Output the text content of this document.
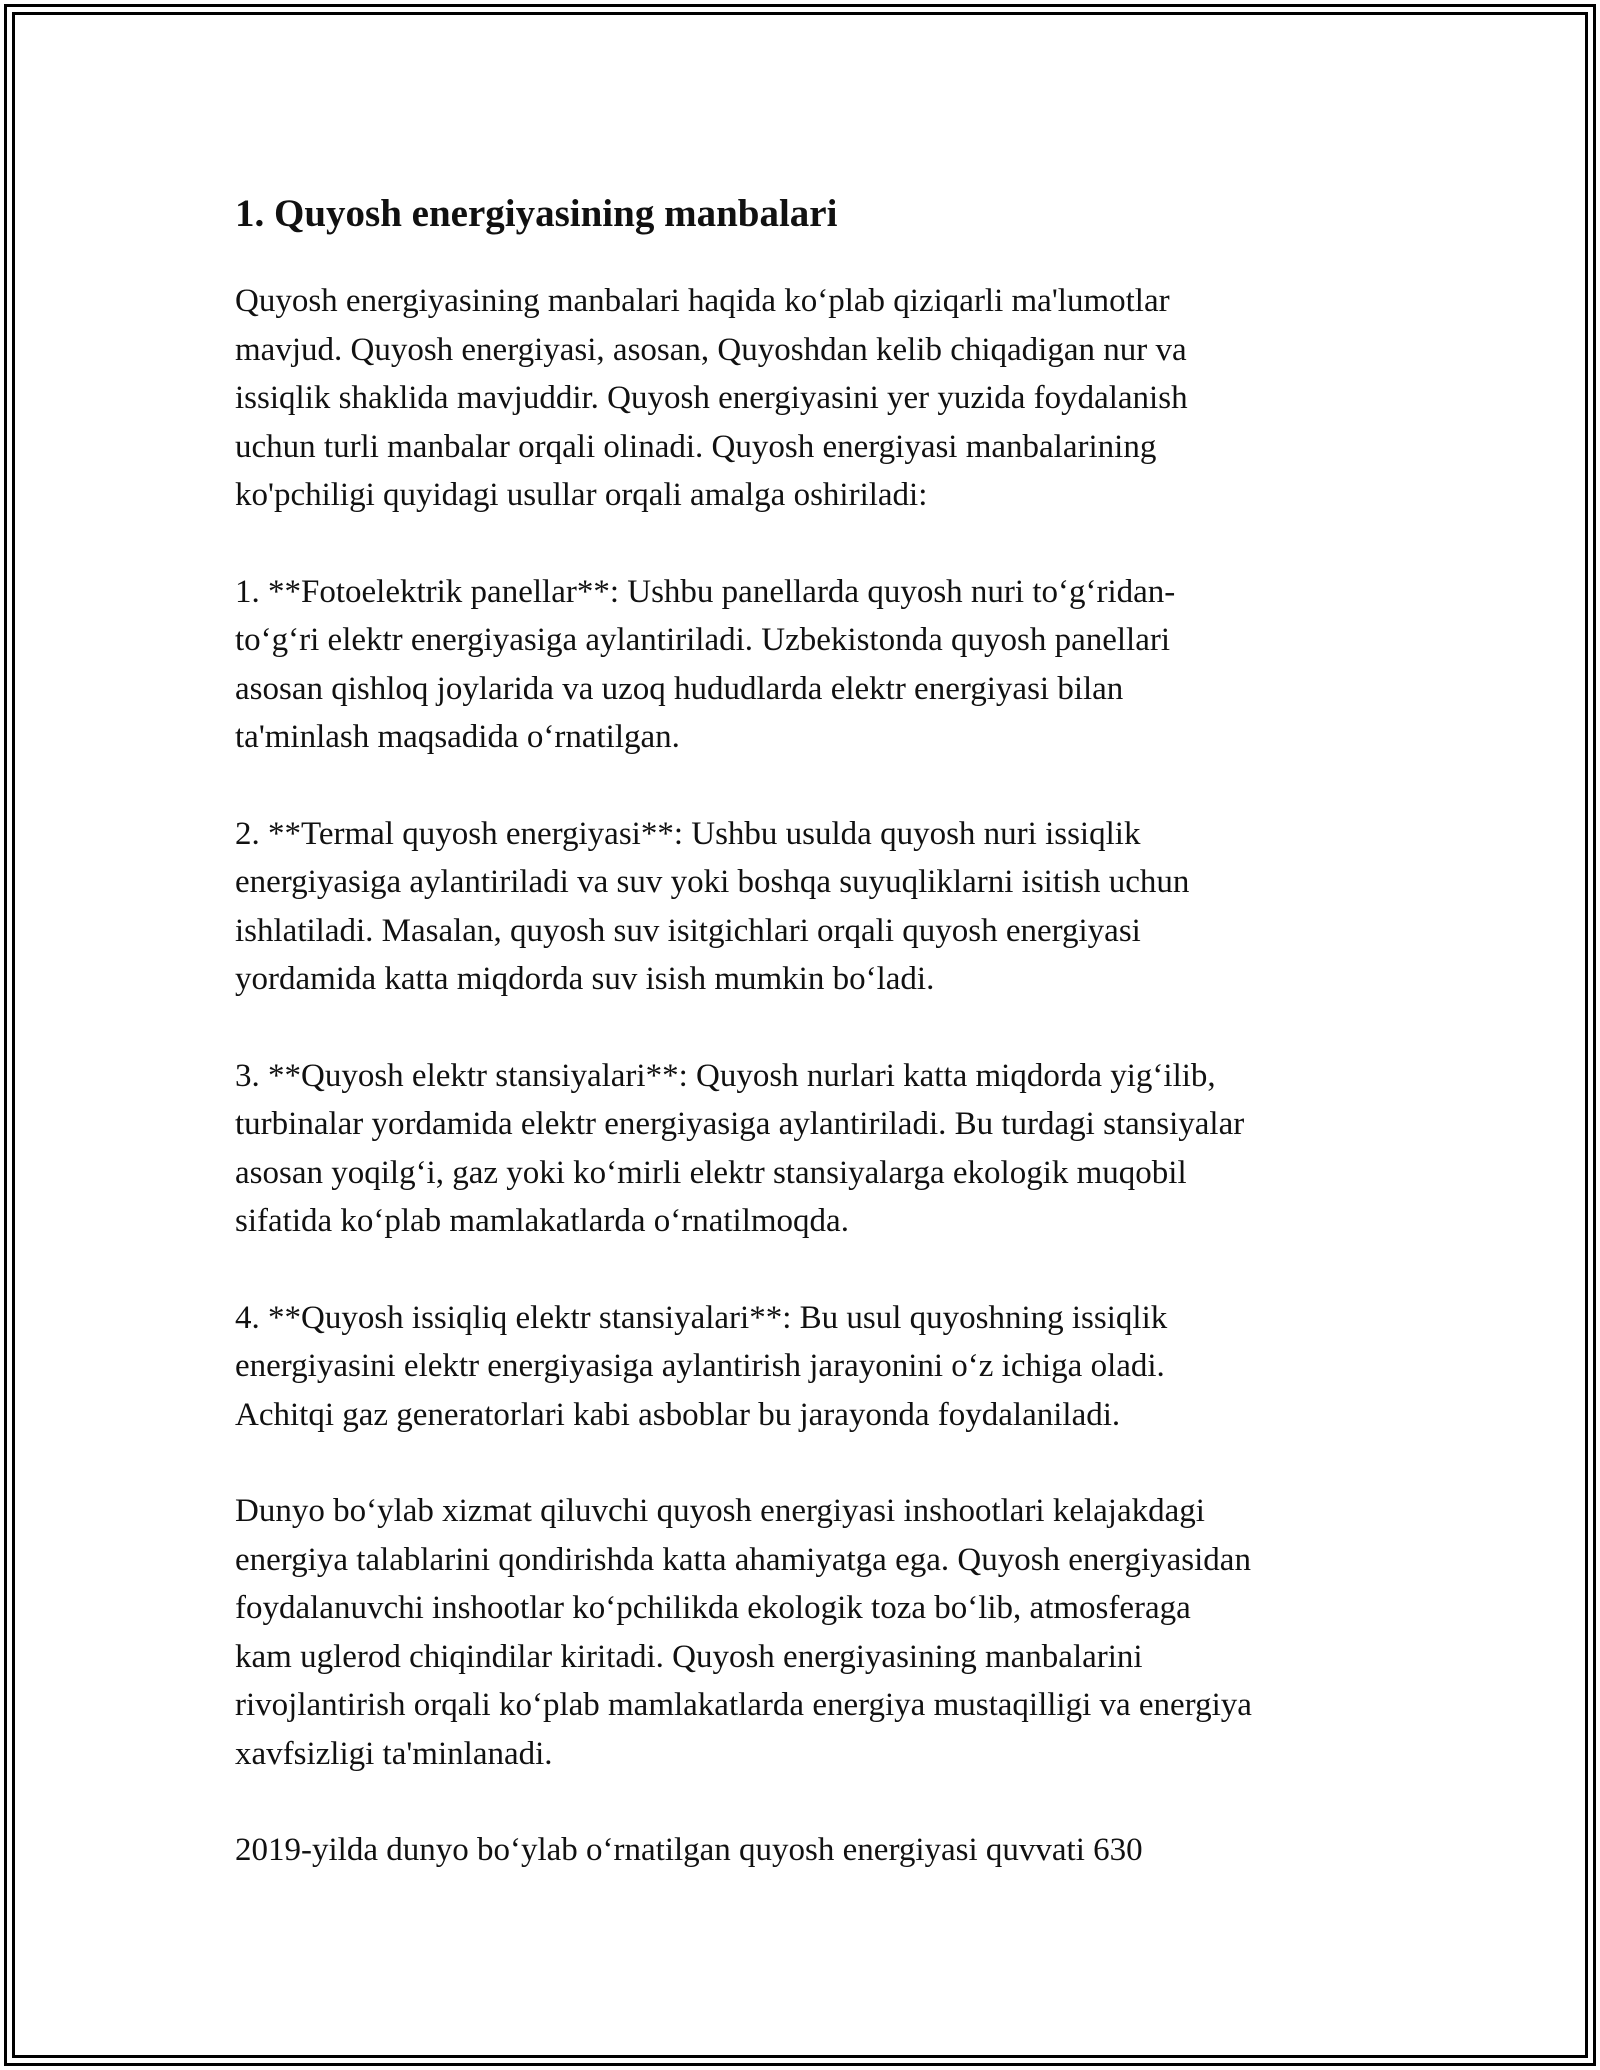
1. Quyosh energiyasining manbalari

Quyosh energiyasining manbalari haqida ko‘plab qiziqarli ma'lumotlar
mavjud. Quyosh energiyasi, asosan, Quyoshdan kelib chiqadigan nur va
issiqlik shaklida mavjuddir. Quyosh energiyasini yer yuzida foydalanish
uchun turli manbalar orqali olinadi. Quyosh energiyasi manbalarining
ko'pchiligi quyidagi usullar orqali amalga oshiriladi:

1. **Fotoelektrik panellar**: Ushbu panellarda quyosh nuri to‘g‘ridan-
to‘g‘ri elektr energiyasiga aylantiriladi. Uzbekistonda quyosh panellari
asosan qishloq joylarida va uzoq hududlarda elektr energiyasi bilan
ta'minlash maqsadida o‘rnatilgan.

2. **Termal quyosh energiyasi**: Ushbu usulda quyosh nuri issiqlik
energiyasiga aylantiriladi va suv yoki boshqa suyuqliklarni isitish uchun
ishlatiladi. Masalan, quyosh suv isitgichlari orqali quyosh energiyasi
yordamida katta miqdorda suv isish mumkin bo‘ladi.

3. **Quyosh elektr stansiyalari**: Quyosh nurlari katta miqdorda yig‘ilib,
turbinalar yordamida elektr energiyasiga aylantiriladi. Bu turdagi stansiyalar
asosan yoqilg‘i, gaz yoki ko‘mirli elektr stansiyalarga ekologik muqobil
sifatida ko‘plab mamlakatlarda o‘rnatilmoqda.

4. **Quyosh issiqliq elektr stansiyalari**: Bu usul quyoshning issiqlik
energiyasini elektr energiyasiga aylantirish jarayonini o‘z ichiga oladi.
Achitqi gaz generatorlari kabi asboblar bu jarayonda foydalaniladi.

Dunyo bo‘ylab xizmat qiluvchi quyosh energiyasi inshootlari kelajakdagi
energiya talablarini qondirishda katta ahamiyatga ega. Quyosh energiyasidan
foydalanuvchi inshootlar ko‘pchilikda ekologik toza bo‘lib, atmosferaga
kam uglerod chiqindilar kiritadi. Quyosh energiyasining manbalarini
rivojlantirish orqali ko‘plab mamlakatlarda energiya mustaqilligi va energiya
xavfsizligi ta'minlanadi.

2019-yilda dunyo bo‘ylab o‘rnatilgan quyosh energiyasi quvvati 630
